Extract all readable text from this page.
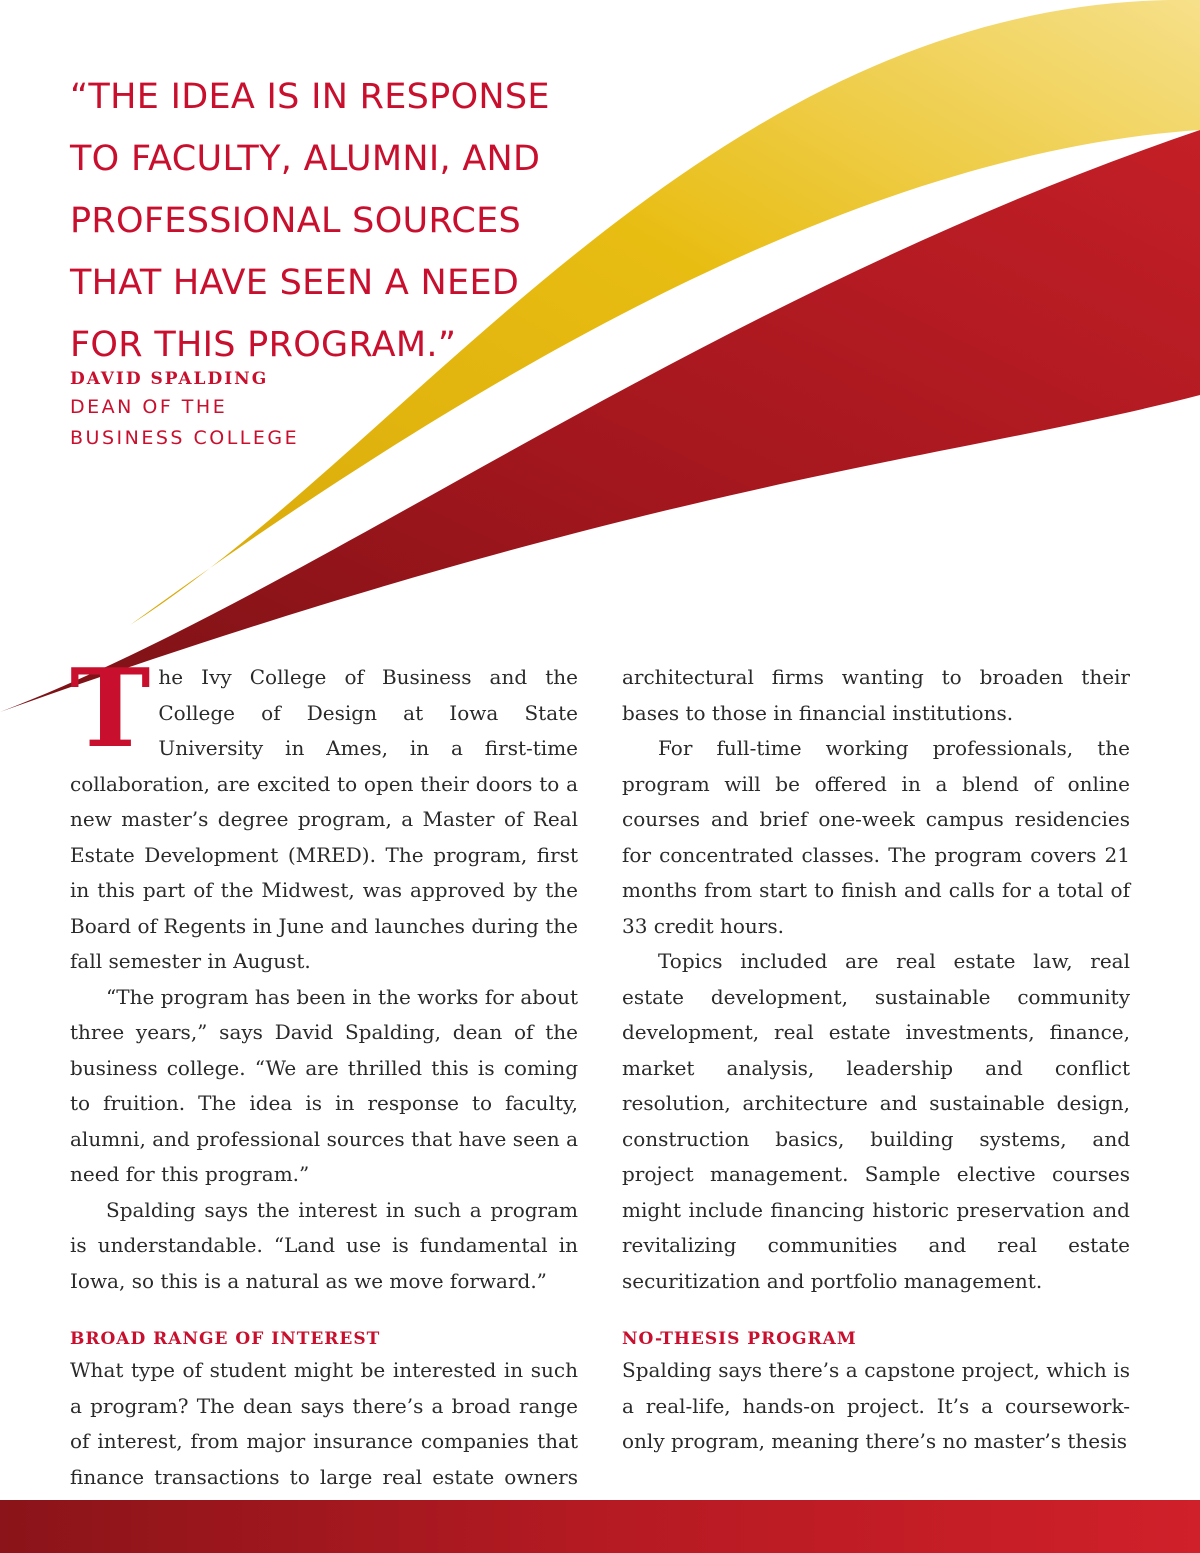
“THE IDEA IS IN RESPONSE
TO FACULTY, ALUMNI, AND
PROFESSIONAL SOURCES
THAT HAVE SEEN A NEED
FOR THIS PROGRAM.”
DAVID SPALDING
DEAN OF THE
BUSINESS COLLEGE

The Ivy College of Business and the College of Design at Iowa State University in Ames, in a first-time collaboration, are excited to open their doors to a new master’s degree program, a Master of Real Estate Development (MRED). The program, first in this part of the Midwest, was approved by the Board of Regents in June and launches during the fall semester in August.

“The program has been in the works for about three years,” says David Spalding, dean of the business college. “We are thrilled this is coming to fruition. The idea is in response to faculty, alumni, and professional sources that have seen a need for this program.”

Spalding says the interest in such a program is understandable. “Land use is fundamental in Iowa, so this is a natural as we move forward.”

BROAD RANGE OF INTEREST

What type of student might be interested in such a program? The dean says there’s a broad range of interest, from major insurance companies that finance transactions to large real estate owners

architectural firms wanting to broaden their bases to those in financial institutions.

For full-time working professionals, the program will be offered in a blend of online courses and brief one-week campus residencies for concentrated classes. The program covers 21 months from start to finish and calls for a total of 33 credit hours.

Topics included are real estate law, real estate development, sustainable community development, real estate investments, finance, market analysis, leadership and conflict resolution, architecture and sustainable design, construction basics, building systems, and project management. Sample elective courses might include financing historic preservation and revitalizing communities and real estate securitization and portfolio management.

NO-THESIS PROGRAM

Spalding says there’s a capstone project, which is a real-life, hands-on project. It’s a coursework-only program, meaning there’s no master’s thesis
